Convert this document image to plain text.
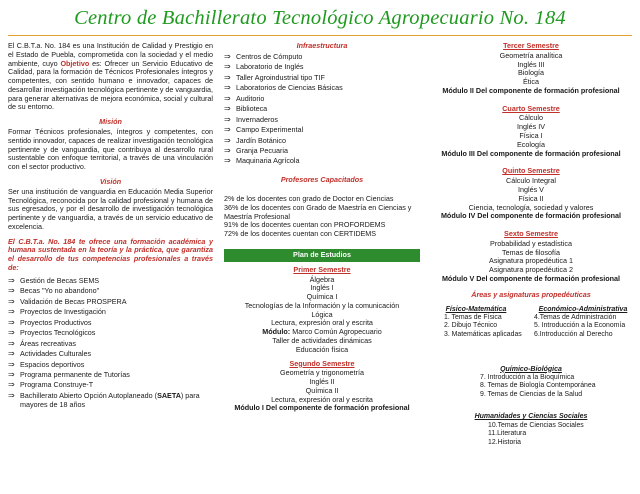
Centro de Bachillerato Tecnológico Agropecuario No. 184
El C.B.T.a. No. 184 es una Institución de Calidad y Prestigio en el Estado de Puebla, comprometida con la sociedad y el medio ambiente, cuyo Objetivo es: Ofrecer un Servicio Educativo de Calidad, para la formación de Técnicos Profesionales íntegros y competentes, con sentido humano e innovador, capaces de desarrollar investigación tecnológica pertinente y de vanguardia, para generar alternativas de mejora económica, social y cultural de su entorno.
Misión
Formar Técnicos profesionales, íntegros y competentes, con sentido innovador, capaces de realizar investigación tecnológica pertinente y de vanguardia, que contribuya al desarrollo rural sustentable con enfoque territorial, a través de una vinculación con el sector productivo.
Visión
Ser una institución de vanguardia en Educación Media Superior Tecnológica, reconocida por la calidad profesional y humana de sus egresados, y por el desarrollo de investigación tecnológica pertinente y de vanguardia, a través de un servicio educativo de excelencia.
El C.B.T.a. No. 184 te ofrece una formación académica y humana sustentada en la teoría y la práctica, que garantiza el desarrollo de tus competencias profesionales a través de:
⇒ Gestión de Becas SEMS
⇒ Becas "Yo no abandono"
⇒ Validación de Becas PROSPERA
⇒ Proyectos de Investigación
⇒ Proyectos Productivos
⇒ Proyectos Tecnológicos
⇒ Áreas recreativas
⇒ Actividades Culturales
⇒ Espacios deportivos
⇒ Programa permanente de Tutorías
⇒ Programa Construye-T
⇒ Bachillerato Abierto Opción Autoplaneado (SAETA) para mayores de 18 años
Infraestructura
⇒ Centros de Cómputo
⇒ Laboratorio de Inglés
⇒ Taller Agroindustrial tipo TIF
⇒ Laboratorios de Ciencias Básicas
⇒ Auditorio
⇒ Biblioteca
⇒ Invernaderos
⇒ Campo Experimental
⇒ Jardín Botánico
⇒ Granja Pecuaria
⇒ Maquinaria Agrícola
Profesores Capacitados
2% de los docentes con grado de Doctor en Ciencias
36% de los docentes con Grado de Maestría en Ciencias y Maestría Profesional
91% de los docentes cuentan con PROFORDEMS
72% de los docentes cuentan con CERTIDEMS
Plan de Estudios
Primer Semestre
Álgebra
Inglés I
Química I
Tecnologías de la Información y la comunicación
Lógica
Lectura, expresión oral y escrita
Módulo: Marco Común Agropecuario
Taller de actividades dinámicas
Educación física
Segundo Semestre
Geometría y trigonometría
Inglés II
Química II
Lectura, expresión oral y escrita
Módulo I Del componente de formación profesional
Tercer Semestre
Geometría analítica
Inglés III
Biología
Ética
Módulo II Del componente de formación profesional
Cuarto Semestre
Cálculo
Inglés IV
Física I
Ecología
Módulo III Del componente de formación profesional
Quinto Semestre
Cálculo Integral
Inglés V
Física II
Ciencia, tecnología, sociedad y valores
Módulo IV Del componente de formación profesional
Sexto Semestre
Probabilidad y estadística
Temas de filosofía
Asignatura propedéutica 1
Asignatura propedéutica 2
Módulo V Del componente de formación profesional
Áreas y asignaturas propedéuticas
Físico-Matemática
1. Temas de Física
2. Dibujo Técnico
3. Matemáticas aplicadas
Económico-Administrativa
4.Temas de Administración
5. Introducción a la Economía
6.Introducción al Derecho
Químico-Biológica
7. Introducción a la Bioquímica
8. Temas de Biología Contemporánea
9. Temas de Ciencias de la Salud
Humanidades y Ciencias Sociales
10.Temas de Ciencias Sociales
11.Literatura
12.Historia
